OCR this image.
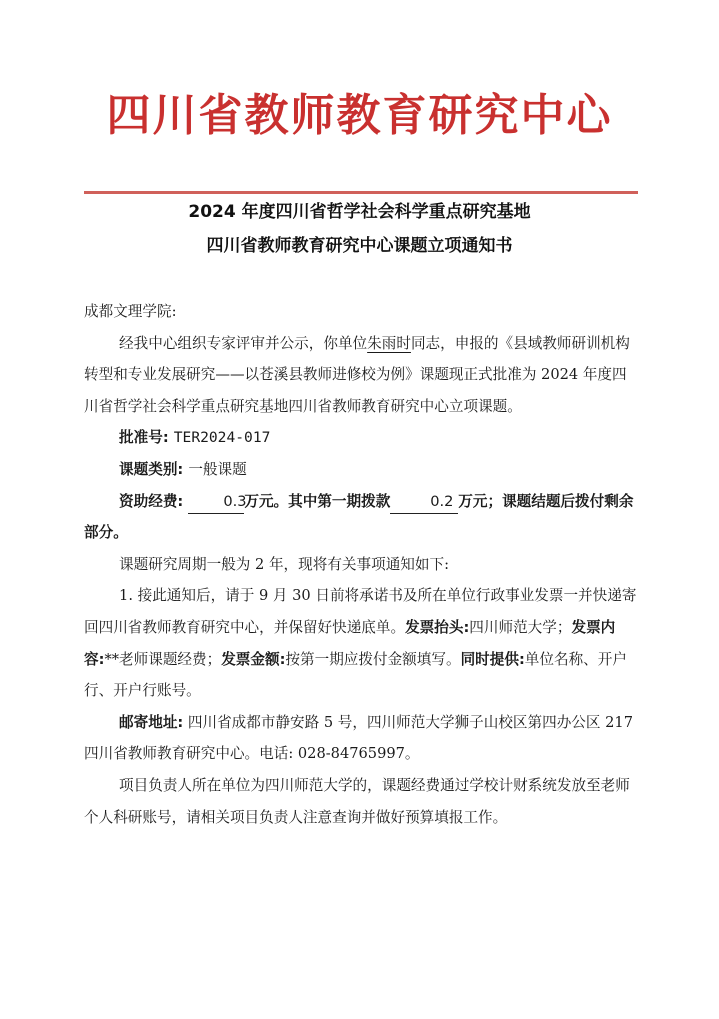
四川省教师教育研究中心
2024 年度四川省哲学社会科学重点研究基地
四川省教师教育研究中心课题立项通知书

成都文理学院:

经我中心组织专家评审并公示，你单位朱雨时同志，申报的《县域教师研训机构转型和专业发展研究——以苍溪县教师进修校为例》课题现正式批准为 2024 年度四川省哲学社会科学重点研究基地四川省教师教育研究中心立项课题。

批准号: TER2024-017

课题类别: 一般课题

资助经费:	0.3万元。其中第一期拨款	0.2 万元；课题结题后拨付剩余部分。

课题研究周期一般为 2 年，现将有关事项通知如下:

1. 接此通知后，请于 9 月 30 日前将承诺书及所在单位行政事业发票一并快递寄回四川省教师教育研究中心，并保留好快递底单。发票抬头:四川师范大学；发票内容:**老师课题经费；发票金额:按第一期应拨付金额填写。同时提供:单位名称、开户行、开户行账号。

邮寄地址: 四川省成都市静安路 5 号，四川师范大学狮子山校区第四办公区 217 四川省教师教育研究中心。电话: 028-84765997。

项目负责人所在单位为四川师范大学的，课题经费通过学校计财系统发放至老师个人科研账号，请相关项目负责人注意查询并做好预算填报工作。
